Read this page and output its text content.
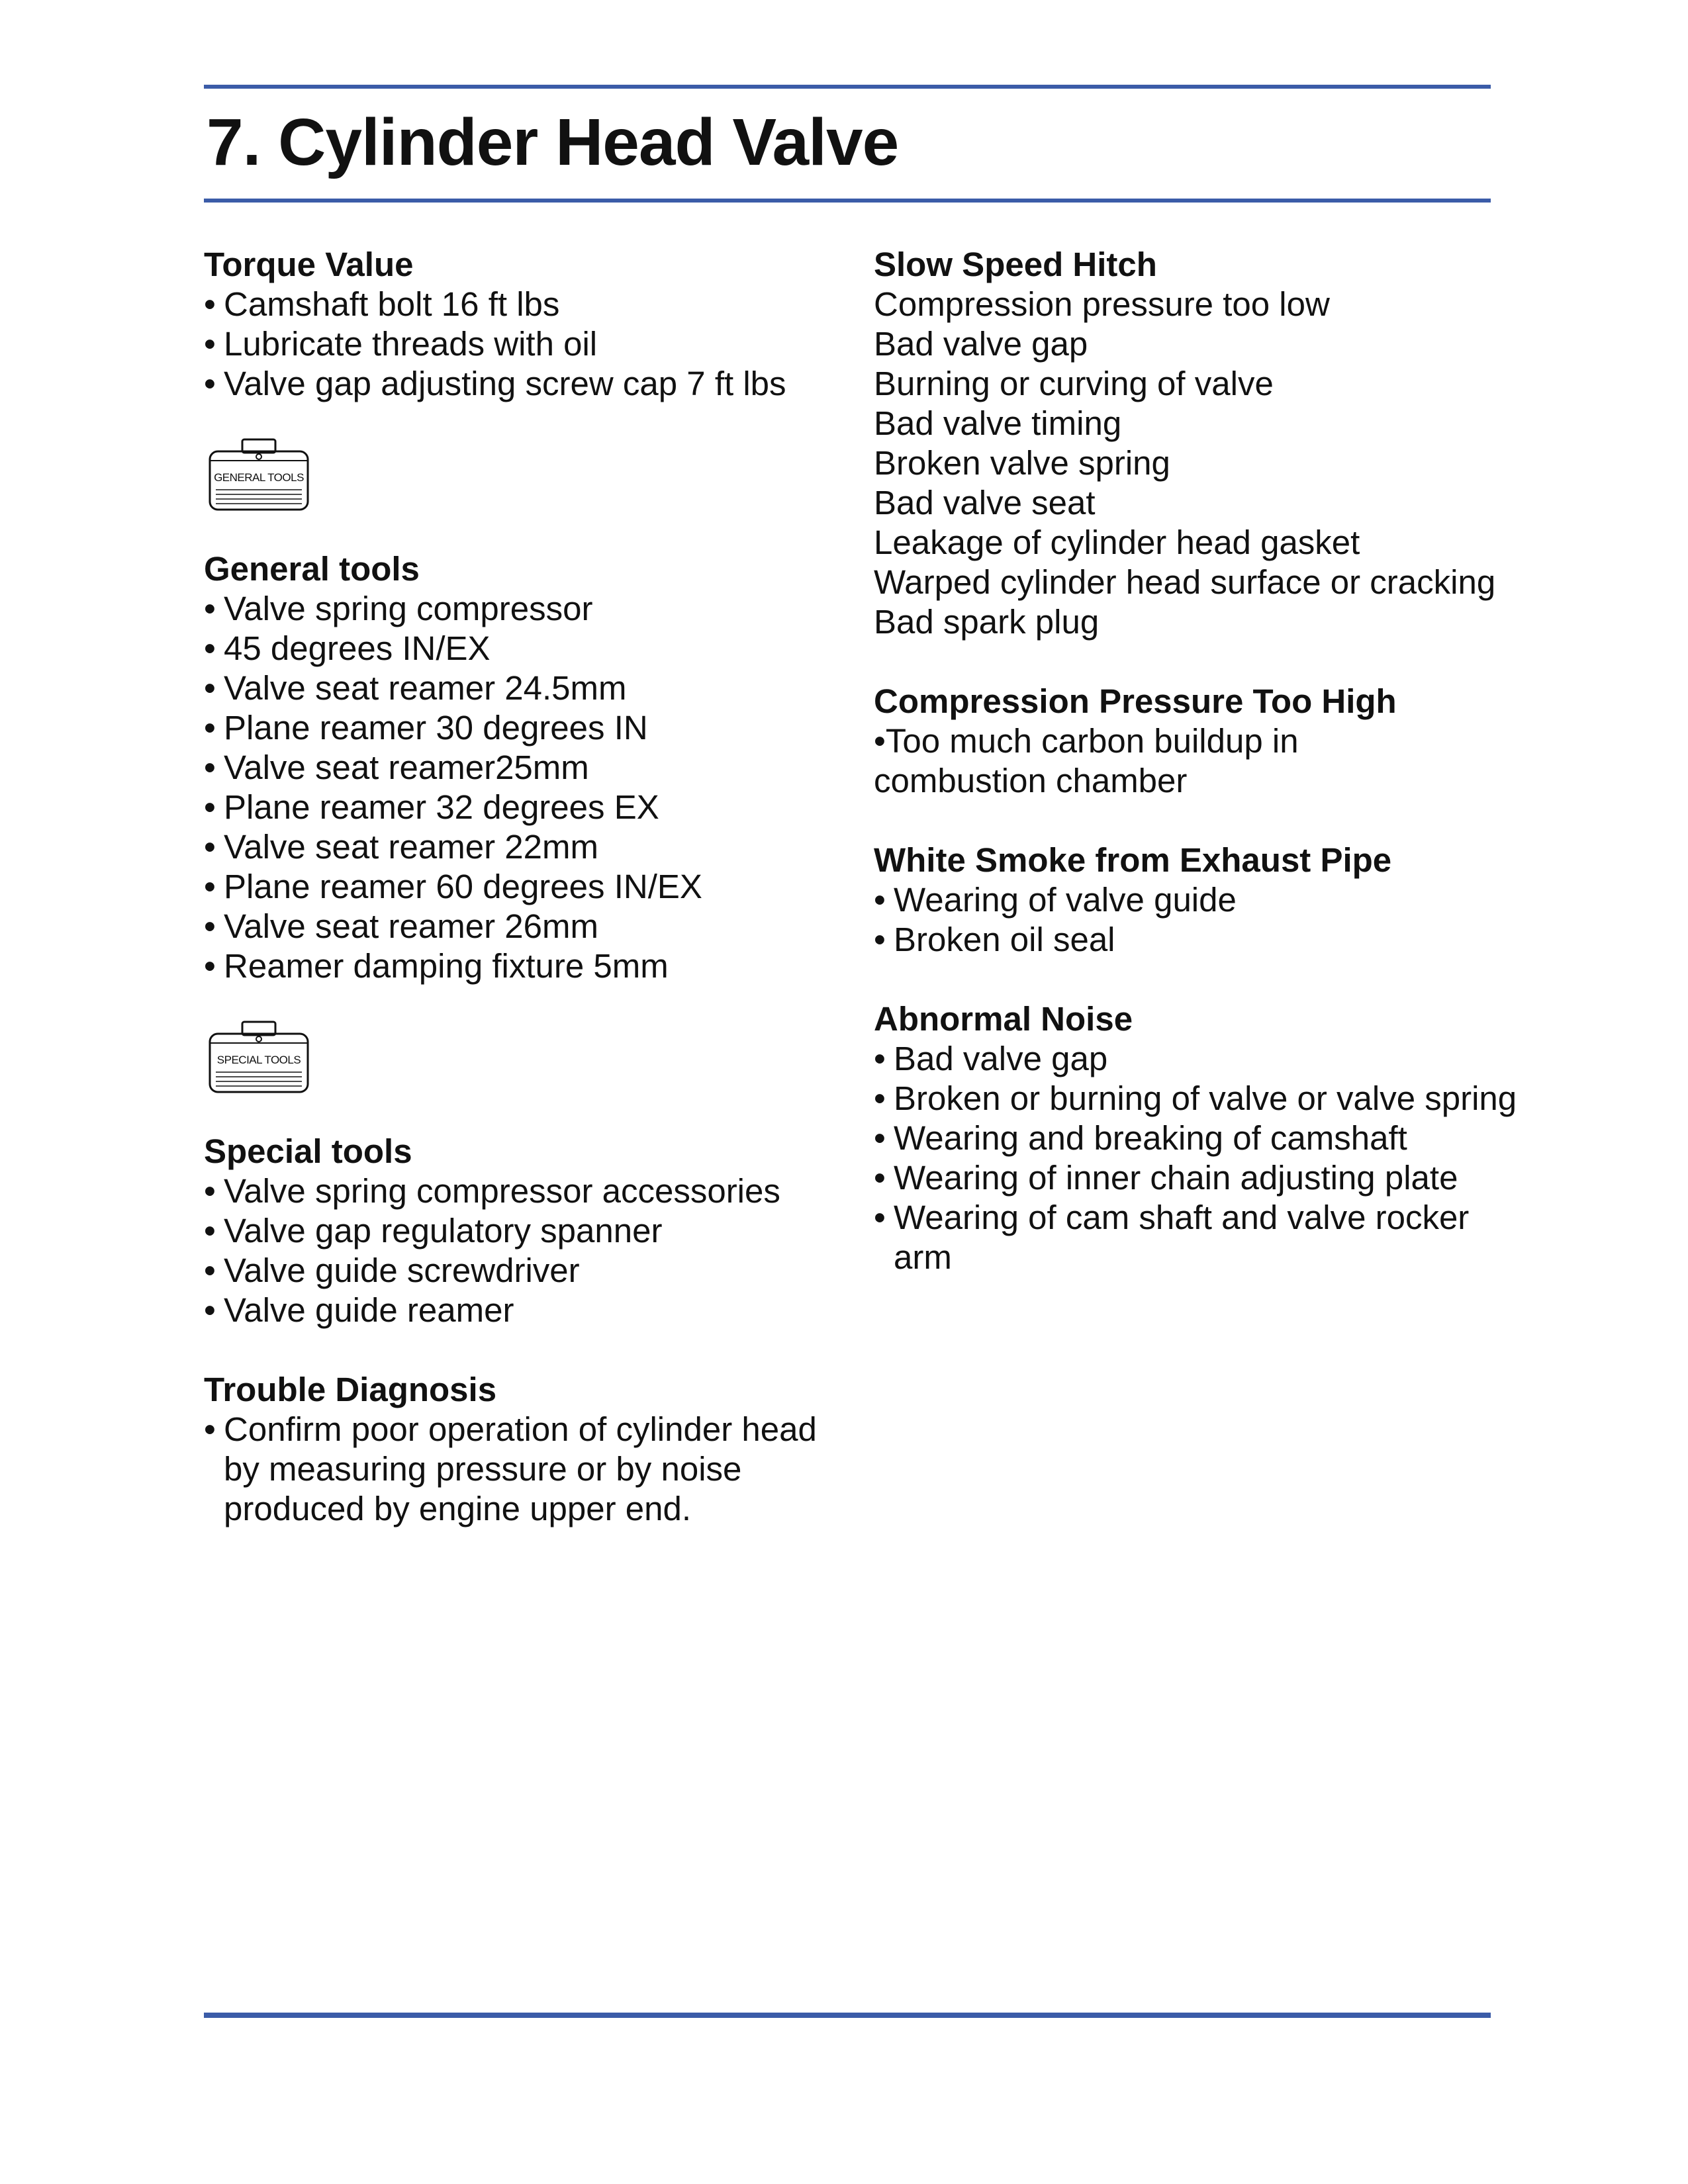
7. Cylinder Head Valve
Torque Value
• Camshaft bolt 16 ft lbs
• Lubricate threads with oil
• Valve gap adjusting screw cap 7 ft lbs
GENERAL TOOLS
General tools
• Valve spring compressor
• 45 degrees IN/EX
• Valve seat reamer 24.5mm
• Plane reamer 30 degrees IN
• Valve seat reamer25mm
• Plane reamer 32 degrees EX
• Valve seat reamer 22mm
• Plane reamer 60 degrees IN/EX
• Valve seat reamer 26mm
• Reamer damping fixture 5mm
SPECIAL TOOLS
Special tools
• Valve spring compressor accessories
• Valve gap regulatory spanner
• Valve guide screwdriver
• Valve guide reamer
Trouble Diagnosis
• Confirm poor operation of cylinder head by measuring pressure or by noise produced by engine upper end.
Slow Speed Hitch
Compression pressure too low
Bad valve gap
Burning or curving of valve
Bad valve timing
Broken valve spring
Bad valve seat
Leakage of cylinder head gasket
Warped cylinder head surface or cracking
Bad spark plug
Compression Pressure Too High
•Too much carbon buildup in combustion chamber
White Smoke from Exhaust Pipe
• Wearing of valve guide
• Broken oil seal
Abnormal Noise
• Bad valve gap
• Broken or burning of valve or valve spring
• Wearing and breaking of camshaft
• Wearing of inner chain adjusting plate
• Wearing of cam shaft and valve rocker arm
